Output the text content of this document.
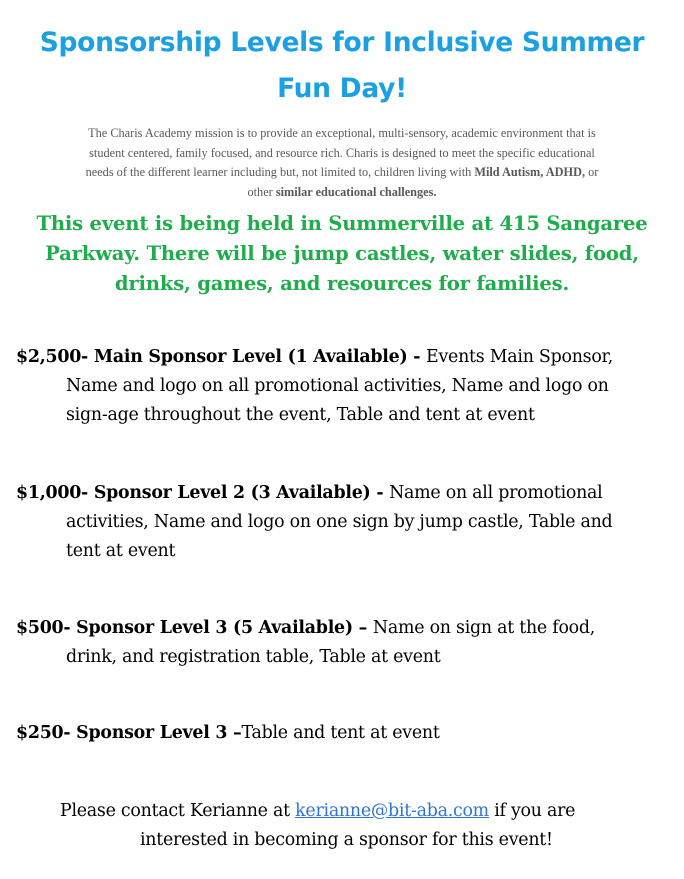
Sponsorship Levels for Inclusive Summer
Fun Day!
The Charis Academy mission is to provide an exceptional, multi-sensory, academic environment that is
student centered, family focused, and resource rich. Charis is designed to meet the specific educational
needs of the different learner including but, not limited to, children living with Mild Autism, ADHD, or
other similar educational challenges.
This event is being held in Summerville at 415 Sangaree
Parkway. There will be jump castles, water slides, food,
drinks, games, and resources for families.
$2,500- Main Sponsor Level (1 Available) - Events Main Sponsor,
Name and logo on all promotional activities, Name and logo on
sign-age throughout the event, Table and tent at event
$1,000- Sponsor Level 2 (3 Available) - Name on all promotional
activities, Name and logo on one sign by jump castle, Table and
tent at event
$500- Sponsor Level 3 (5 Available) – Name on sign at the food,
drink, and registration table, Table at event
$250- Sponsor Level 3 –Table and tent at event
Please contact Kerianne at kerianne@bit-aba.com if you are
interested in becoming a sponsor for this event!
